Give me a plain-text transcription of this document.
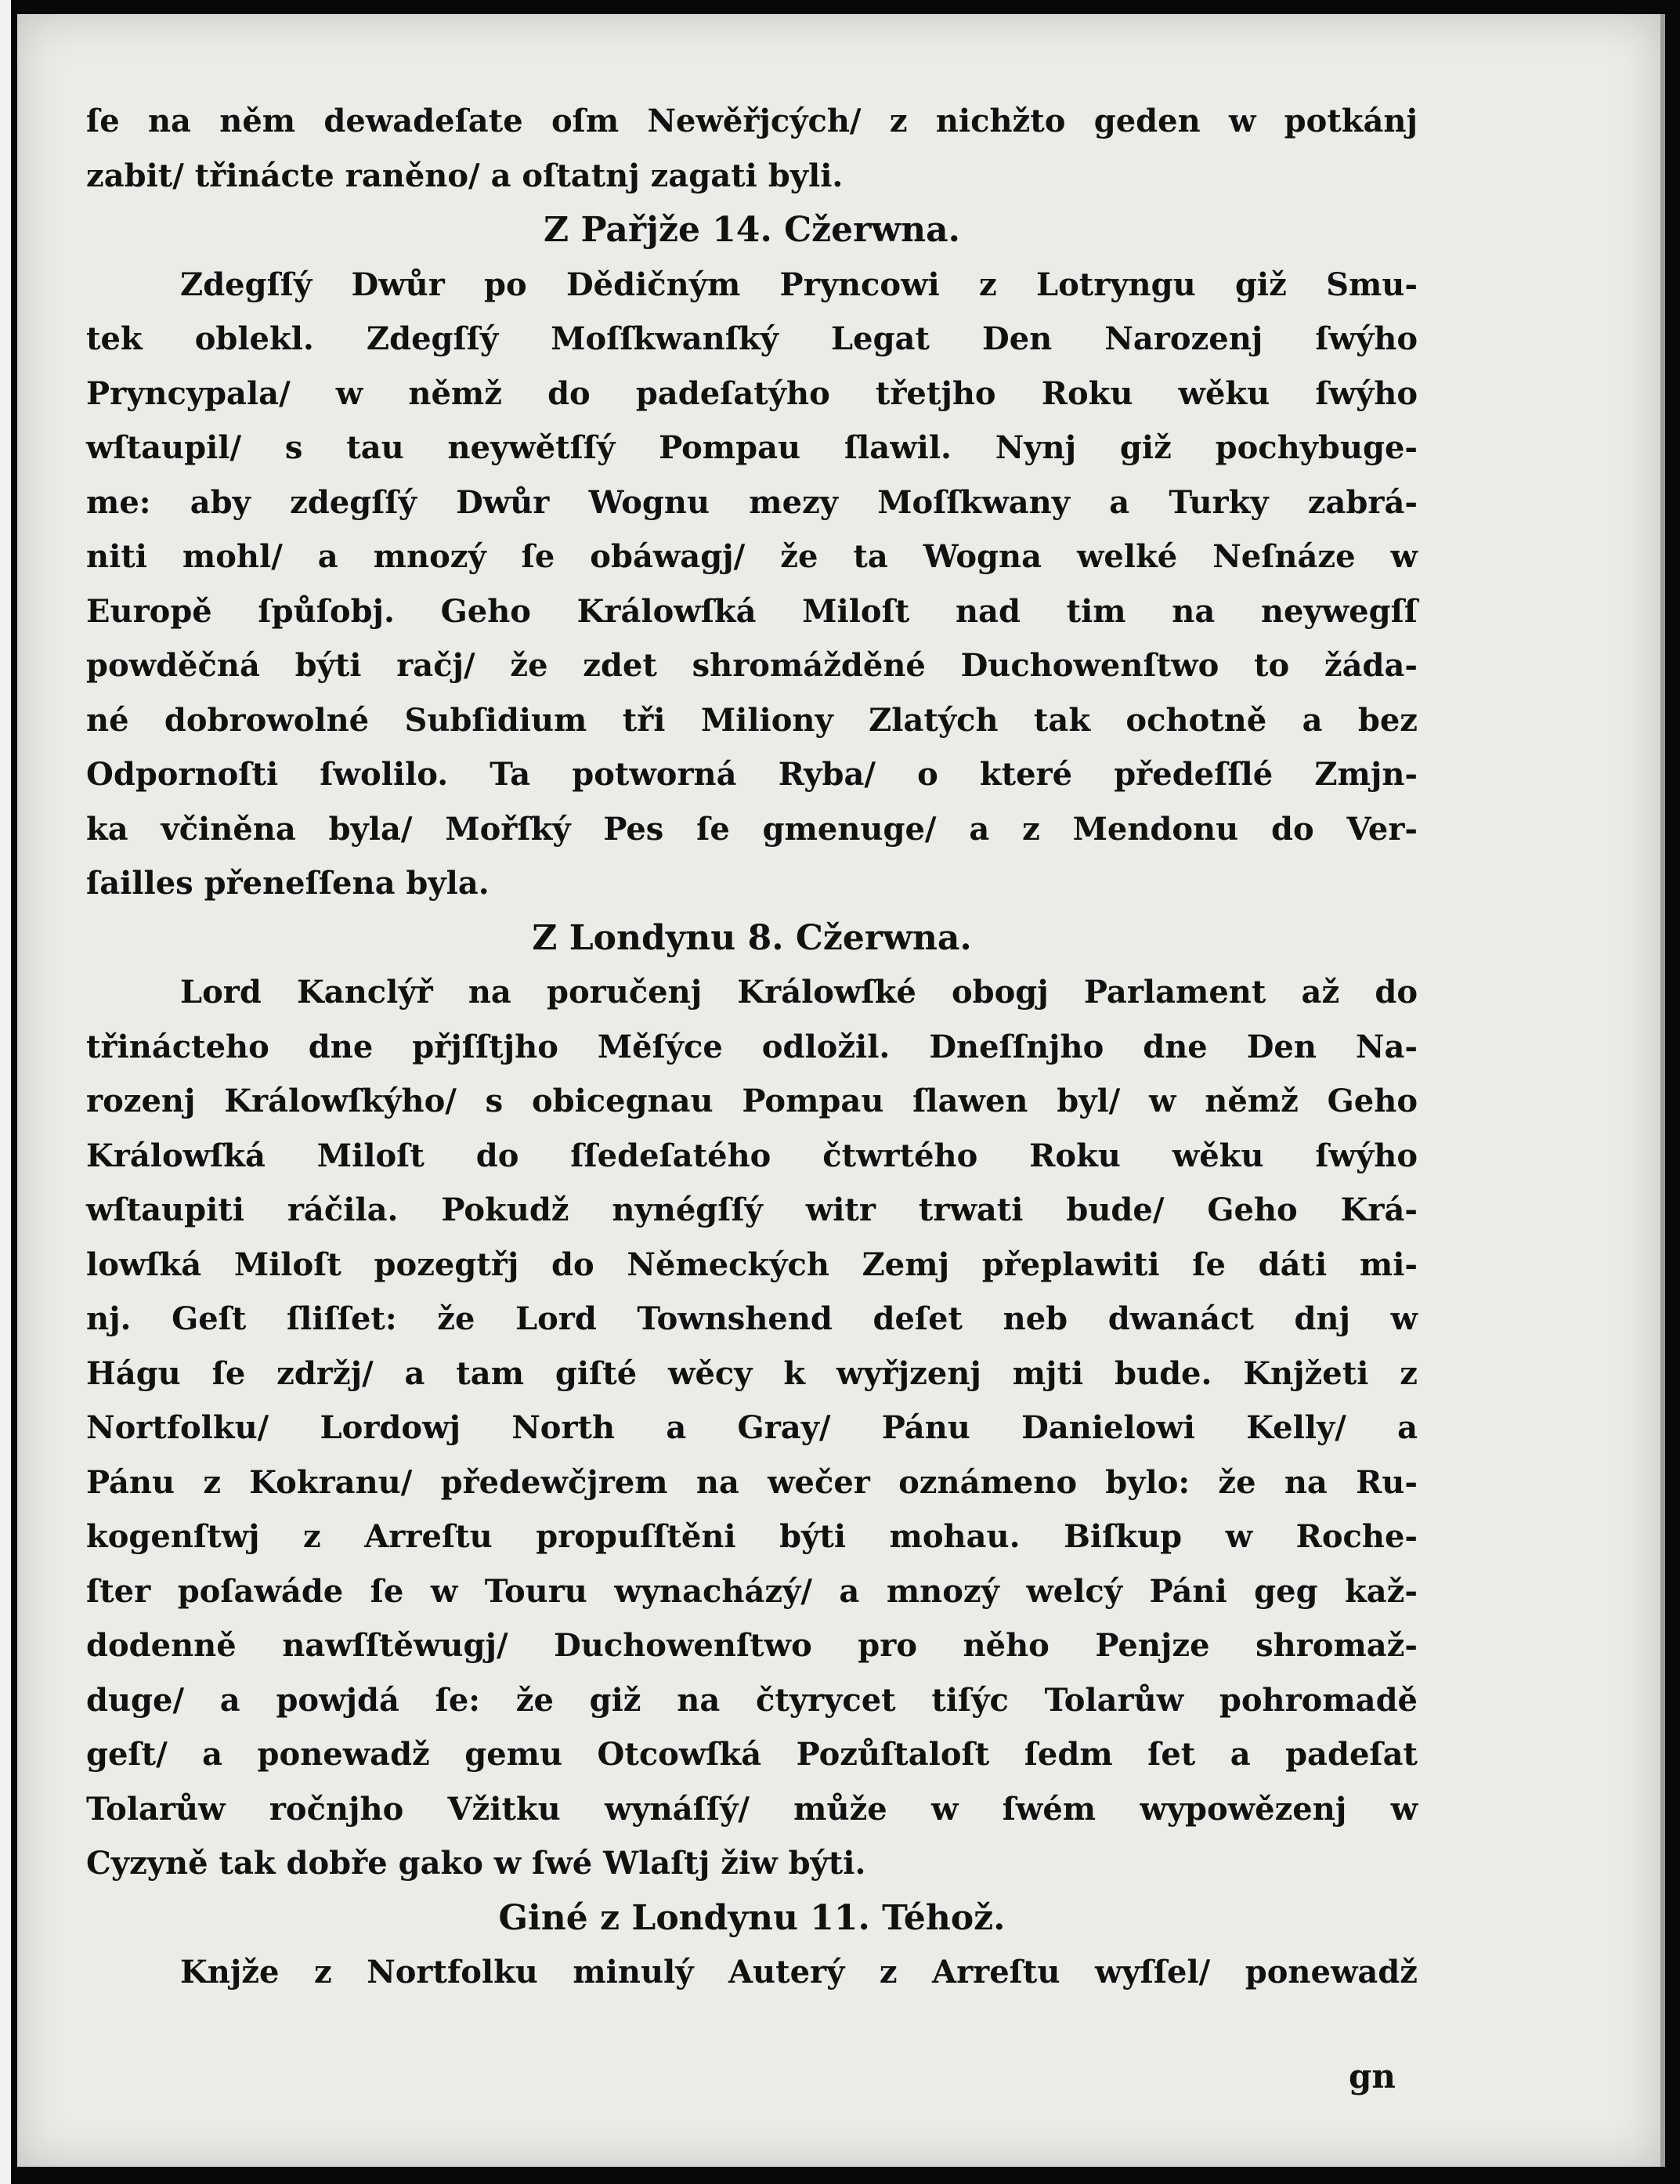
ſe na něm dewadeſate oſm Newěřjcých/ z nichžto geden w potkánj
zabit/ třinácte raněno/ a oſtatnj zagati byli.
Z Pařjže 14. Cžerwna.
Zdegſſý Dwůr po Dědičným Pryncowi z Lotryngu giž Smu-
tek oblekl. Zdegſſý Moſſkwanſký Legat Den Narozenj ſwýho
Pryncypala/ w němž do padeſatýho třetjho Roku wěku ſwýho
wſtaupil/ s tau neywětſſý Pompau ſlawil. Nynj giž pochybuge-
me: aby zdegſſý Dwůr Wognu mezy Moſſkwany a Turky zabrá-
niti mohl/ a mnozý ſe obáwagj/ že ta Wogna welké Neſnáze w
Europě ſpůſobj. Geho Králowſká Miloſt nad tim na neywegſſ
powděčná býti račj/ že zdet shromážděné Duchowenſtwo to žáda-
né dobrowolné Subſidium tři Miliony Zlatých tak ochotně a bez
Odpornoſti ſwolilo. Ta potworná Ryba/ o které předeſſlé Zmjn-
ka včiněna byla/ Mořſký Pes ſe gmenuge/ a z Mendonu do Ver-
ſailles přeneſſena byla.
Z Londynu 8. Cžerwna.
Lord Kanclýř na poručenj Králowſké obogj Parlament až do
třinácteho dne přjſſtjho Měſýce odložil. Dneſſnjho dne Den Na-
rozenj Králowſkýho/ s obicegnau Pompau ſlawen byl/ w němž Geho
Králowſká Miloſt do ſſedeſatého čtwrtého Roku wěku ſwýho
wſtaupiti ráčila. Pokudž nynégſſý witr trwati bude/ Geho Krá-
lowſká Miloſt pozegtřj do Německých Zemj přeplawiti ſe dáti mi-
nj. Geſt ſliſſet: že Lord Townshend deſet neb dwanáct dnj w
Hágu ſe zdržj/ a tam giſté wěcy k wyřjzenj mjti bude. Knjžeti z
Nortfolku/ Lordowj North a Gray/ Pánu Danielowi Kelly/ a
Pánu z Kokranu/ předewčjrem na wečer oznámeno bylo: že na Ru-
kogenſtwj z Arreſtu propuſſtěni býti mohau. Biſkup w Roche-
ſter poſawáde ſe w Touru wynacházý/ a mnozý welcý Páni geg kaž-
dodenně nawſſtěwugj/ Duchowenſtwo pro něho Penjze shromaž-
duge/ a powjdá ſe: že giž na čtyrycet tiſýc Tolarůw pohromadě
geſt/ a ponewadž gemu Otcowſká Pozůſtaloſt ſedm ſet a padeſat
Tolarůw ročnjho Vžitku wynáſſý/ může w ſwém wypowězenj w
Cyzyně tak dobře gako w ſwé Wlaſtj žiw býti.
Giné z Londynu 11. Téhož.
Knjže z Nortfolku minulý Auterý z Arreſtu wyſſel/ ponewadž
gn
